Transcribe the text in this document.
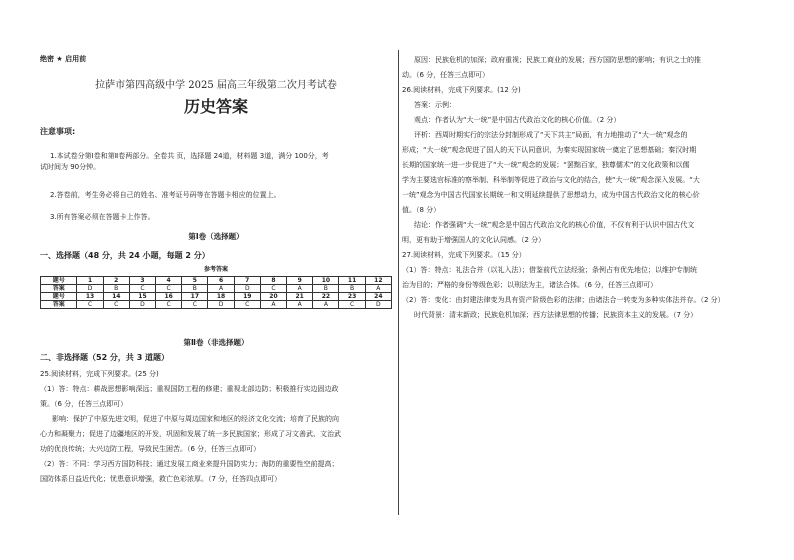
绝密 ★ 启用前
拉萨市第四高级中学 2025 届高三年级第二次月考试卷
历史答案
注意事项:
1.本试卷分第Ⅰ卷和第Ⅱ卷两部分。全卷共 页，选择题 24道，材料题 3道，满分 100分，考
试时间为 90分钟。
2.答卷前，考生务必将自己的姓名、准考证号码等在答题卡相应的位置上。
3.所有答案必须在答题卡上作答。
第Ⅰ卷（选择题）
一、选择题（48 分，共 24 小题，每题 2 分）
参考答案
题号	1	2	3	4	5	6	7	8	9	10	11	12
答案	D	B	C	C	B	A	D	C	A	B	B	A
题号	13	14	15	16	17	18	19	20	21	22	23	24
答案	C	C	D	C	C	D	C	A	A	A	C	D
第Ⅱ卷（非选择题）
二、非选择题（52 分，共 3 道题）
25.阅读材料，完成下列要求。(25 分)
（1）答：特点：耕战思想影响深远；重视国防工程的修建；重视北部边防；积极推行实边固边政
策。（6 分，任答三点即可）
影响：保护了中原先进文明，促进了中原与周边国家和地区的经济文化交流；培育了民族的向
心力和凝聚力；促进了边疆地区的开发，巩固和发展了统一多民族国家；形成了习文善武、文治武
功的优良传统；大兴边防工程，导致民生困苦。（6 分，任答三点即可）
（2）答：不同：学习西方国防科技；通过发展工商业来提升国防实力；海防的重要性空前提高；
国防体系日益近代化；忧患意识增强，救亡色彩浓厚。（7 分，任答四点即可）
原因：民族危机的加深；政府重视；民族工商业的发展；西方国防思想的影响；有识之士的推
动。（6 分，任答三点即可）
26.阅读材料，完成下列要求。(12 分)
答案：示例：
观点：作者认为“大一统”是中国古代政治文化的核心价值。（2 分）
评析：西周时期实行的宗法分封制形成了“天下共主”局面，有力地推动了“大一统”观念的
形成；“大一统”观念促进了国人的天下认同意识，为秦实现国家统一奠定了思想基础；秦汉时期
长期的国家统一进一步促进了“大一统”观念的发展；“罢黜百家，独尊儒术”的文化政策和以儒
学为主要选官标准的察举制、科举制等促进了政治与文化的结合，使“大一统”观念深入发展。“大
一统”观念为中国古代国家长期统一和文明延续提供了思想动力，成为中国古代政治文化的核心价
值。（8 分）
结论：作者强调“大一统”观念是中国古代政治文化的核心价值，不仅有利于认识中国古代文
明，更有助于增强国人的文化认同感。（2 分）
27.阅读材料，完成下列要求。（15 分）
（1）答：特点：礼法合并（以礼入法）；借鉴前代立法经验；条例占有优先地位；以维护专制统
治为目的；严格的身份等级色彩；以刑法为主，诸法合体。（6 分，任答三点即可）
（2）答：变化：由封建法律变为具有资产阶级色彩的法律；由诸法合一转变为多种实体法并存。（2 分）
时代背景：清末新政；民族危机加深；西方法律思想的传播；民族资本主义的发展。（7 分）
